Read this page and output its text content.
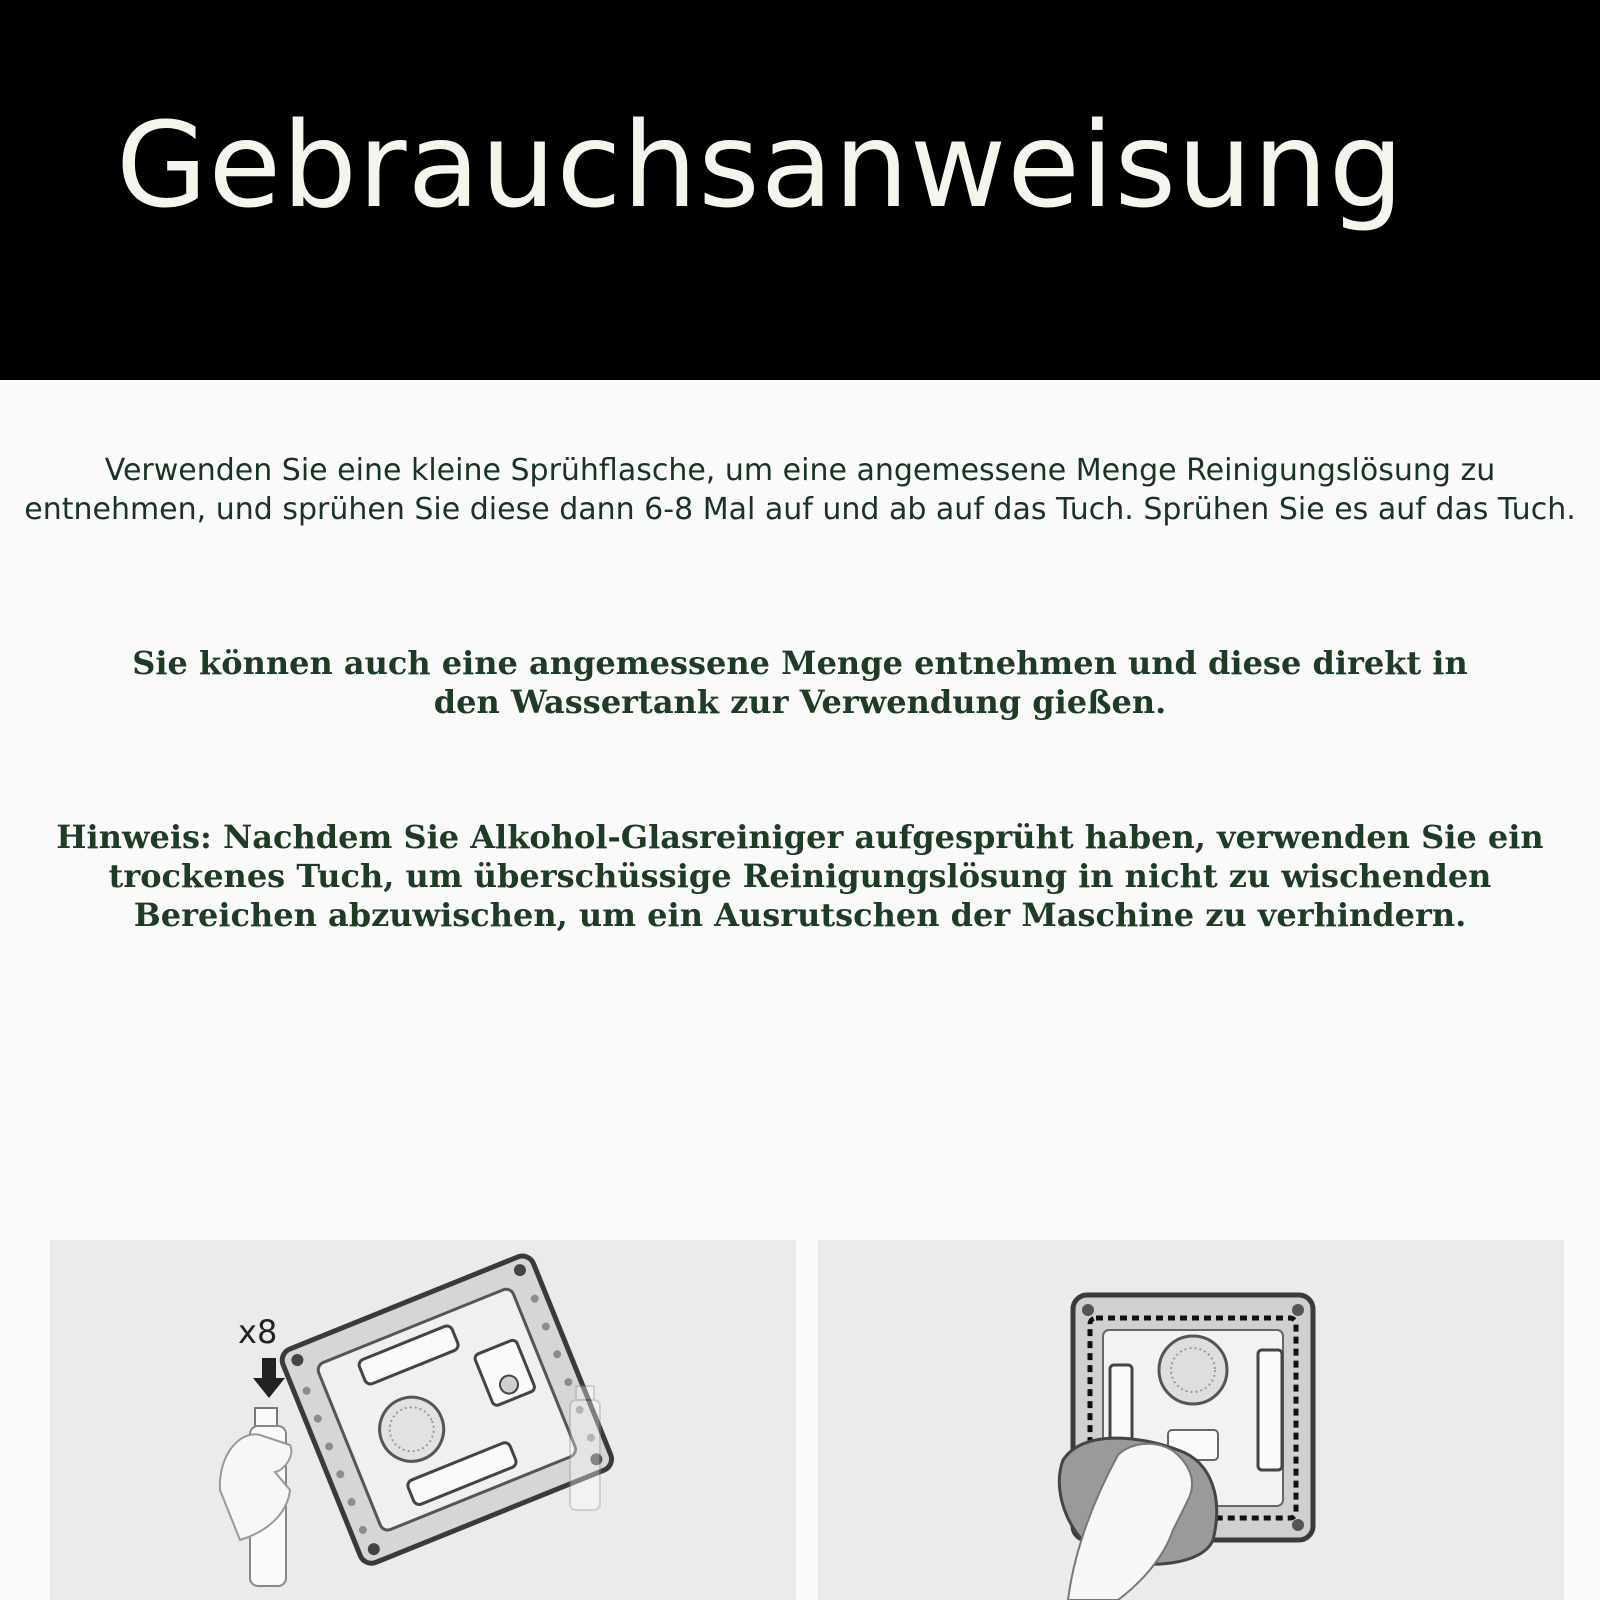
Gebrauchsanweisung

Verwenden Sie eine kleine Sprühflasche, um eine angemessene Menge Reinigungslösung zu entnehmen, und sprühen Sie diese dann 6-8 Mal auf und ab auf das Tuch. Sprühen Sie es auf das Tuch.

Sie können auch eine angemessene Menge entnehmen und diese direkt in den Wassertank zur Verwendung gießen.

Hinweis: Nachdem Sie Alkohol-Glasreiniger aufgesprüht haben, verwenden Sie ein trockenes Tuch, um überschüssige Reinigungslösung in nicht zu wischenden Bereichen abzuwischen, um ein Ausrutschen der Maschine zu verhindern.

x8
